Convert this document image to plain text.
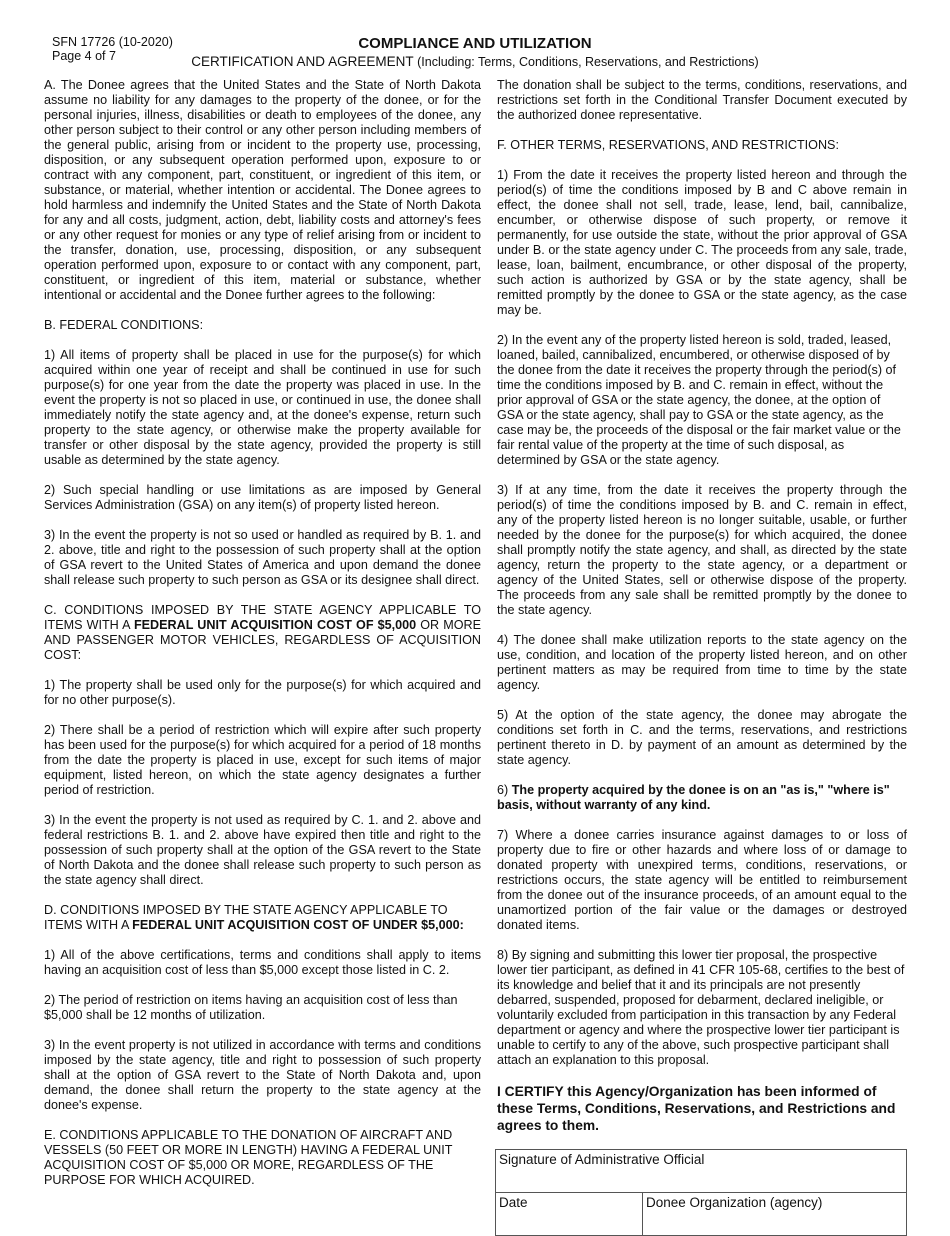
SFN 17726 (10-2020)
Page 4 of 7
COMPLIANCE AND UTILIZATION
CERTIFICATION AND AGREEMENT (Including: Terms, Conditions, Reservations, and Restrictions)

A. The Donee agrees that the United States and the State of North Dakota assume no liability for any damages to the property of the donee, or for the personal injuries, illness, disabilities or death to employees of the donee, any other person subject to their control or any other person including members of the general public, arising from or incident to the property use, processing, disposition, or any subsequent operation performed upon, exposure to or contract with any component, part, constituent, or ingredient of this item, or substance, or material, whether intention or accidental. The Donee agrees to hold harmless and indemnify the United States and the State of North Dakota for any and all costs, judgment, action, debt, liability costs and attorney's fees or any other request for monies or any type of relief arising from or incident to the transfer, donation, use, processing, disposition, or any subsequent operation performed upon, exposure to or contact with any component, part, constituent, or ingredient of this item, material or substance, whether intentional or accidental and the Donee further agrees to the following:

B. FEDERAL CONDITIONS:

1) All items of property shall be placed in use for the purpose(s) for which acquired within one year of receipt and shall be continued in use for such purpose(s) for one year from the date the property was placed in use. In the event the property is not so placed in use, or continued in use, the donee shall immediately notify the state agency and, at the donee's expense, return such property to the state agency, or otherwise make the property available for transfer or other disposal by the state agency, provided the property is still usable as determined by the state agency.

2) Such special handling or use limitations as are imposed by General Services Administration (GSA) on any item(s) of property listed hereon.

3) In the event the property is not so used or handled as required by B. 1. and 2. above, title and right to the possession of such property shall at the option of GSA revert to the United States of America and upon demand the donee shall release such property to such person as GSA or its designee shall direct.

C. CONDITIONS IMPOSED BY THE STATE AGENCY APPLICABLE TO ITEMS WITH A FEDERAL UNIT ACQUISITION COST OF $5,000 OR MORE AND PASSENGER MOTOR VEHICLES, REGARDLESS OF ACQUISITION COST:

1) The property shall be used only for the purpose(s) for which acquired and for no other purpose(s).

2) There shall be a period of restriction which will expire after such property has been used for the purpose(s) for which acquired for a period of 18 months from the date the property is placed in use, except for such items of major equipment, listed hereon, on which the state agency designates a further period of restriction.

3) In the event the property is not used as required by C. 1. and 2. above and federal restrictions B. 1. and 2. above have expired then title and right to the possession of such property shall at the option of the GSA revert to the State of North Dakota and the donee shall release such property to such person as the state agency shall direct.

D. CONDITIONS IMPOSED BY THE STATE AGENCY APPLICABLE TO ITEMS WITH A FEDERAL UNIT ACQUISITION COST OF UNDER $5,000:

1) All of the above certifications, terms and conditions shall apply to items having an acquisition cost of less than $5,000 except those listed in C. 2.

2) The period of restriction on items having an acquisition cost of less than $5,000 shall be 12 months of utilization.

3) In the event property is not utilized in accordance with terms and conditions imposed by the state agency, title and right to possession of such property shall at the option of GSA revert to the State of North Dakota and, upon demand, the donee shall return the property to the state agency at the donee's expense.

E. CONDITIONS APPLICABLE TO THE DONATION OF AIRCRAFT AND VESSELS (50 FEET OR MORE IN LENGTH) HAVING A FEDERAL UNIT ACQUISITION COST OF $5,000 OR MORE, REGARDLESS OF THE PURPOSE FOR WHICH ACQUIRED.

The donation shall be subject to the terms, conditions, reservations, and restrictions set forth in the Conditional Transfer Document executed by the authorized donee representative.

F. OTHER TERMS, RESERVATIONS, AND RESTRICTIONS:

1) From the date it receives the property listed hereon and through the period(s) of time the conditions imposed by B and C above remain in effect, the donee shall not sell, trade, lease, lend, bail, cannibalize, encumber, or otherwise dispose of such property, or remove it permanently, for use outside the state, without the prior approval of GSA under B. or the state agency under C. The proceeds from any sale, trade, lease, loan, bailment, encumbrance, or other disposal of the property, such action is authorized by GSA or by the state agency, shall be remitted promptly by the donee to GSA or the state agency, as the case may be.

2) In the event any of the property listed hereon is sold, traded, leased, loaned, bailed, cannibalized, encumbered, or otherwise disposed of by the donee from the date it receives the property through the period(s) of time the conditions imposed by B. and C. remain in effect, without the prior approval of GSA or the state agency, the donee, at the option of GSA or the state agency, shall pay to GSA or the state agency, as the case may be, the proceeds of the disposal or the fair market value or the fair rental value of the property at the time of such disposal, as determined by GSA or the state agency.

3) If at any time, from the date it receives the property through the period(s) of time the conditions imposed by B. and C. remain in effect, any of the property listed hereon is no longer suitable, usable, or further needed by the donee for the purpose(s) for which acquired, the donee shall promptly notify the state agency, and shall, as directed by the state agency, return the property to the state agency, or a department or agency of the United States, sell or otherwise dispose of the property. The proceeds from any sale shall be remitted promptly by the donee to the state agency.

4) The donee shall make utilization reports to the state agency on the use, condition, and location of the property listed hereon, and on other pertinent matters as may be required from time to time by the state agency.

5) At the option of the state agency, the donee may abrogate the conditions set forth in C. and the terms, reservations, and restrictions pertinent thereto in D. by payment of an amount as determined by the state agency.

6) The property acquired by the donee is on an "as is," "where is" basis, without warranty of any kind.

7) Where a donee carries insurance against damages to or loss of property due to fire or other hazards and where loss of or damage to donated property with unexpired terms, conditions, reservations, or restrictions occurs, the state agency will be entitled to reimbursement from the donee out of the insurance proceeds, of an amount equal to the unamortized portion of the fair value or the damages or destroyed donated items.

8) By signing and submitting this lower tier proposal, the prospective lower tier participant, as defined in 41 CFR 105-68, certifies to the best of its knowledge and belief that it and its principals are not presently debarred, suspended, proposed for debarment, declared ineligible, or voluntarily excluded from participation in this transaction by any Federal department or agency and where the prospective lower tier participant is unable to certify to any of the above, such prospective participant shall attach an explanation to this proposal.

I CERTIFY this Agency/Organization has been informed of these Terms, Conditions, Reservations, and Restrictions and agrees to them.

Signature of Administrative Official
Date	Donee Organization (agency)
